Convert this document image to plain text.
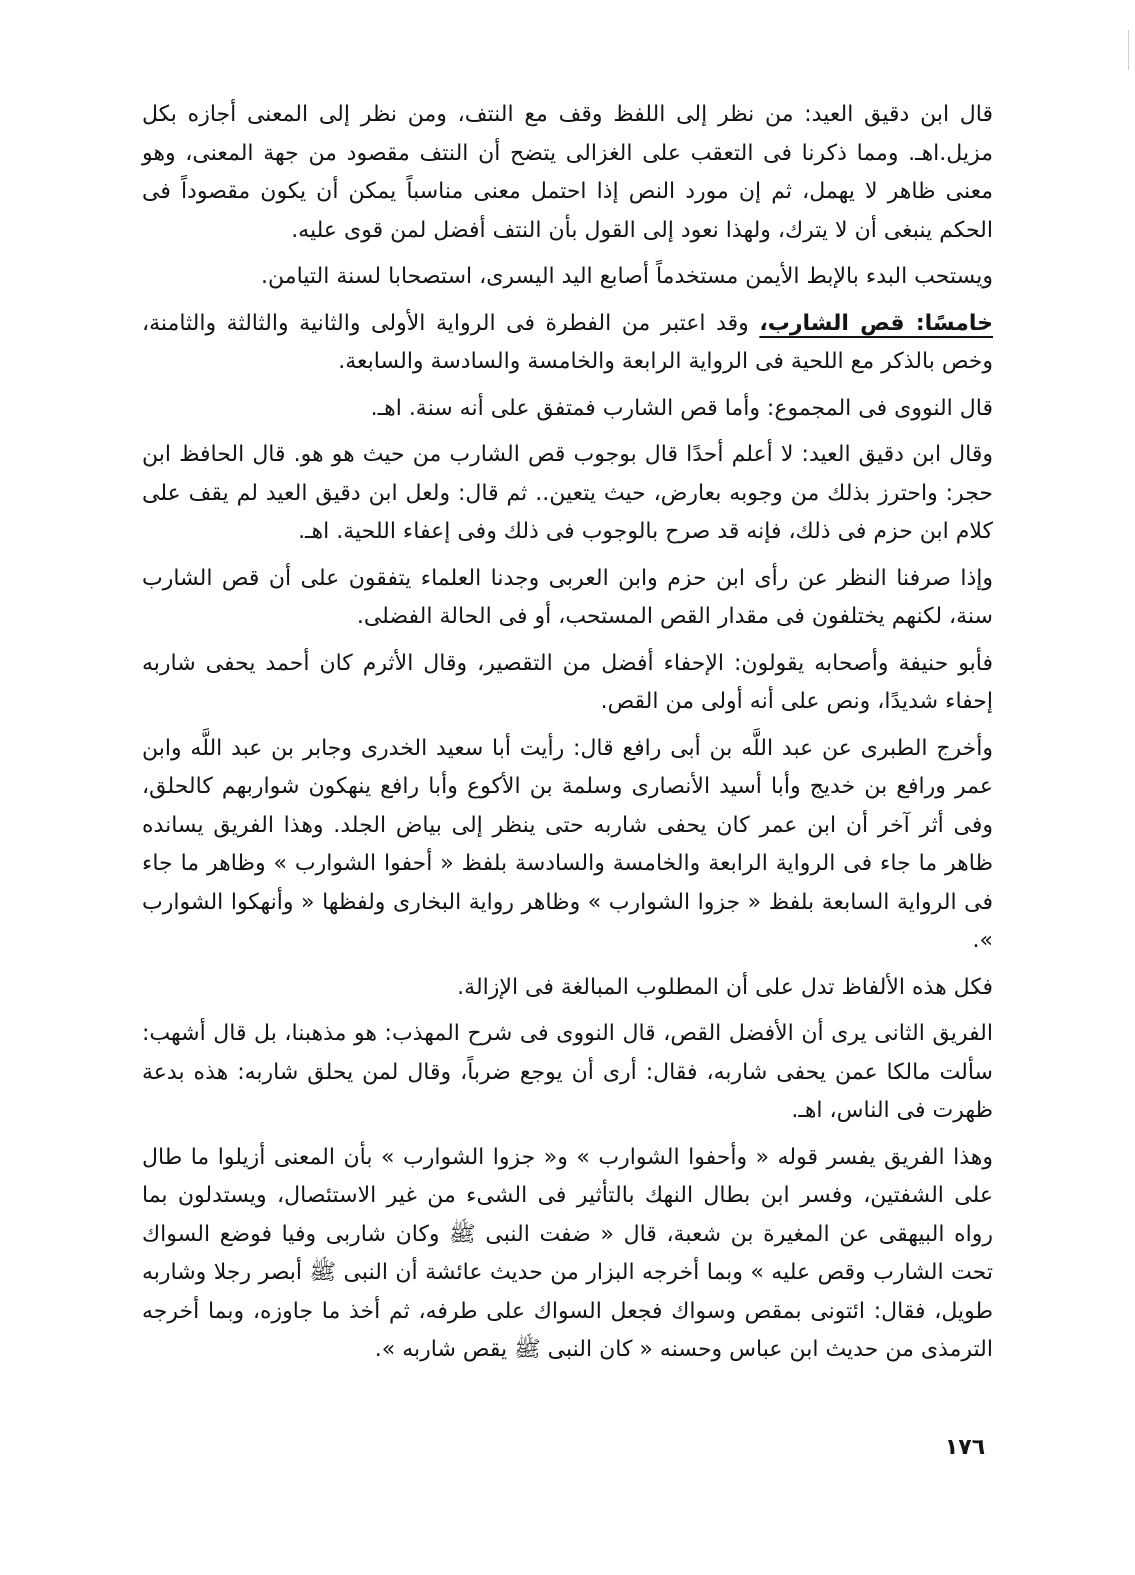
قال ابن دقيق العيد: من نظر إلى اللفظ وقف مع النتف، ومن نظر إلى المعنى أجازه بكل مزيل.اهـ. ومما ذكرنا فى التعقب على الغزالى يتضح أن النتف مقصود من جهة المعنى، وهو معنى ظاهر لا يهمل، ثم إن مورد النص إذا احتمل معنى مناسباً يمكن أن يكون مقصوداً فى الحكم ينبغى أن لا يترك، ولهذا نعود إلى القول بأن النتف أفضل لمن قوى عليه.

ويستحب البدء بالإبط الأيمن مستخدماً أصابع اليد اليسرى، استصحابا لسنة التيامن.

خامسًا: قص الشارب، وقد اعتبر من الفطرة فى الرواية الأولى والثانية والثالثة والثامنة، وخص بالذكر مع اللحية فى الرواية الرابعة والخامسة والسادسة والسابعة.

قال النووى فى المجموع: وأما قص الشارب فمتفق على أنه سنة. اهـ.

وقال ابن دقيق العيد: لا أعلم أحدًا قال بوجوب قص الشارب من حيث هو هو. قال الحافظ ابن حجر: واحترز بذلك من وجوبه بعارض، حيث يتعين.. ثم قال: ولعل ابن دقيق العيد لم يقف على كلام ابن حزم فى ذلك، فإنه قد صرح بالوجوب فى ذلك وفى إعفاء اللحية. اهـ.

وإذا صرفنا النظر عن رأى ابن حزم وابن العربى وجدنا العلماء يتفقون على أن قص الشارب سنة، لكنهم يختلفون فى مقدار القص المستحب، أو فى الحالة الفضلى.

فأبو حنيفة وأصحابه يقولون: الإحفاء أفضل من التقصير، وقال الأثرم كان أحمد يحفى شاربه إحفاء شديدًا، ونص على أنه أولى من القص.

وأخرج الطبرى عن عبد اللَّه بن أبى رافع قال: رأيت أبا سعيد الخدرى وجابر بن عبد اللَّه وابن عمر ورافع بن خديج وأبا أسيد الأنصارى وسلمة بن الأكوع وأبا رافع ينهكون شواربهم كالحلق، وفى أثر آخر أن ابن عمر كان يحفى شاربه حتى ينظر إلى بياض الجلد. وهذا الفريق يسانده ظاهر ما جاء فى الرواية الرابعة والخامسة والسادسة بلفظ « أحفوا الشوارب » وظاهر ما جاء فى الرواية السابعة بلفظ « جزوا الشوارب » وظاهر رواية البخارى ولفظها « وأنهكوا الشوارب ».

فكل هذه الألفاظ تدل على أن المطلوب المبالغة فى الإزالة.

الفريق الثانى يرى أن الأفضل القص، قال النووى فى شرح المهذب: هو مذهبنا، بل قال أشهب: سألت مالكا عمن يحفى شاربه، فقال: أرى أن يوجع ضرباً، وقال لمن يحلق شاربه: هذه بدعة ظهرت فى الناس، اهـ.

وهذا الفريق يفسر قوله « وأحفوا الشوارب » و« جزوا الشوارب » بأن المعنى أزيلوا ما طال على الشفتين، وفسر ابن بطال النهك بالتأثير فى الشىء من غير الاستئصال، ويستدلون بما رواه البيهقى عن المغيرة بن شعبة، قال « ضفت النبى ﷺ وكان شاربى وفيا فوضع السواك تحت الشارب وقص عليه » وبما أخرجه البزار من حديث عائشة أن النبى ﷺ أبصر رجلا وشاربه طويل، فقال: ائتونى بمقص وسواك فجعل السواك على طرفه، ثم أخذ ما جاوزه، وبما أخرجه الترمذى من حديث ابن عباس وحسنه « كان النبى ﷺ يقص شاربه ».

١٧٦
